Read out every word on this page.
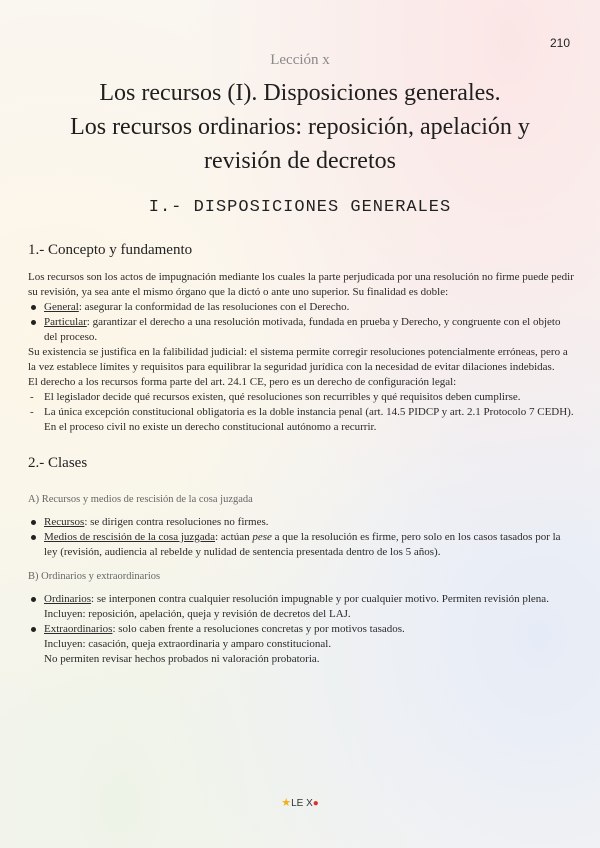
210
Lección x
Los recursos (I). Disposiciones generales.
Los recursos ordinarios: reposición, apelación y
revisión de decretos
I.- DISPOSICIONES GENERALES
1.- Concepto y fundamento

Los recursos son los actos de impugnación mediante los cuales la parte perjudicada por una resolución no firme puede pedir su revisión, ya sea ante el mismo órgano que la dictó o ante uno superior. Su finalidad es doble:

General: asegurar la conformidad de las resoluciones con el Derecho.
Particular: garantizar el derecho a una resolución motivada, fundada en prueba y Derecho, y congruente con el objeto del proceso.

Su existencia se justifica en la falibilidad judicial: el sistema permite corregir resoluciones potencialmente erróneas, pero a la vez establece límites y requisitos para equilibrar la seguridad jurídica con la necesidad de evitar dilaciones indebidas.

El derecho a los recursos forma parte del art. 24.1 CE, pero es un derecho de configuración legal:

- El legislador decide qué recursos existen, qué resoluciones son recurribles y qué requisitos deben cumplirse.
- La única excepción constitucional obligatoria es la doble instancia penal (art. 14.5 PIDCP y art. 2.1 Protocolo 7 CEDH).
En el proceso civil no existe un derecho constitucional autónomo a recurrir.
2.- Clases
A) Recursos y medios de rescisión de la cosa juzgada
Recursos: se dirigen contra resoluciones no firmes.
Medios de rescisión de la cosa juzgada: actúan pese a que la resolución es firme, pero solo en los casos tasados por la ley (revisión, audiencia al rebelde y nulidad de sentencia presentada dentro de los 5 años).
B) Ordinarios y extraordinarios
Ordinarios: se interponen contra cualquier resolución impugnable y por cualquier motivo. Permiten revisión plena.
Incluyen: reposición, apelación, queja y revisión de decretos del LAJ.
Extraordinarios: solo caben frente a resoluciones concretas y por motivos tasados.
Incluyen: casación, queja extraordinaria y amparo constitucional.
No permiten revisar hechos probados ni valoración probatoria.
★LE X●
